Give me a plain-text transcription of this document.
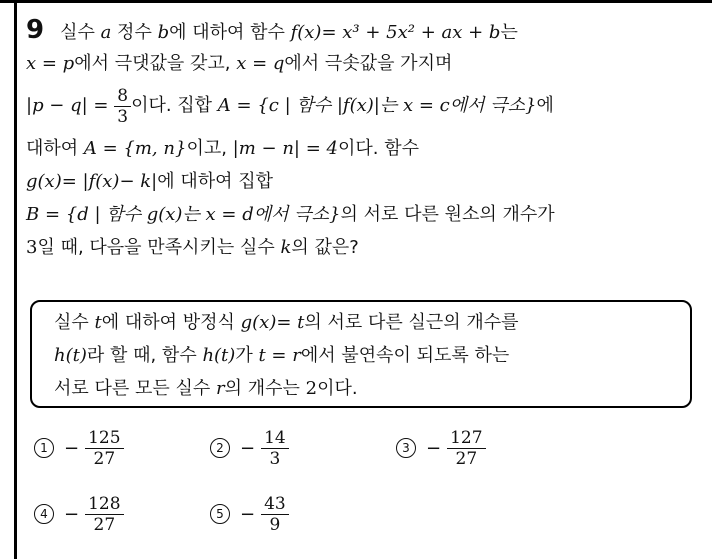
9 실수 a 정수 b에 대하여 함수 f(x)= x³ + 5x² + ax + b는
x = p에서 극댓값을 갖고, x = q에서 극솟값을 가지며
$|p - q| = \frac{8}{3}$ 이다. 집합 A = {c | 함수 |f(x)|는 x = c에서 극소}에
대하여 A = {m, n}이고, |m − n| = 4이다. 함수
g(x)= |f(x)− k|에 대하여 집합
B = {d | 함수 g(x)는 x = d에서 극소}의 서로 다른 원소의 개수가
3일 때, 다음을 만족시키는 실수 k의 값은?
실수 t에 대하여 방정식 g(x)= t의 서로 다른 실근의 개수를
h(t)라 할 때, 함수 h(t)가 t = r에서 불연속이 되도록 하는
서로 다른 모든 실수 r의 개수는 2이다.
$1 - \frac{125}{27}$	$2 - \frac{14}{3}$	$3 - \frac{127}{27}$
$4 - \frac{128}{27}$	$5 - \frac{43}{9}$
